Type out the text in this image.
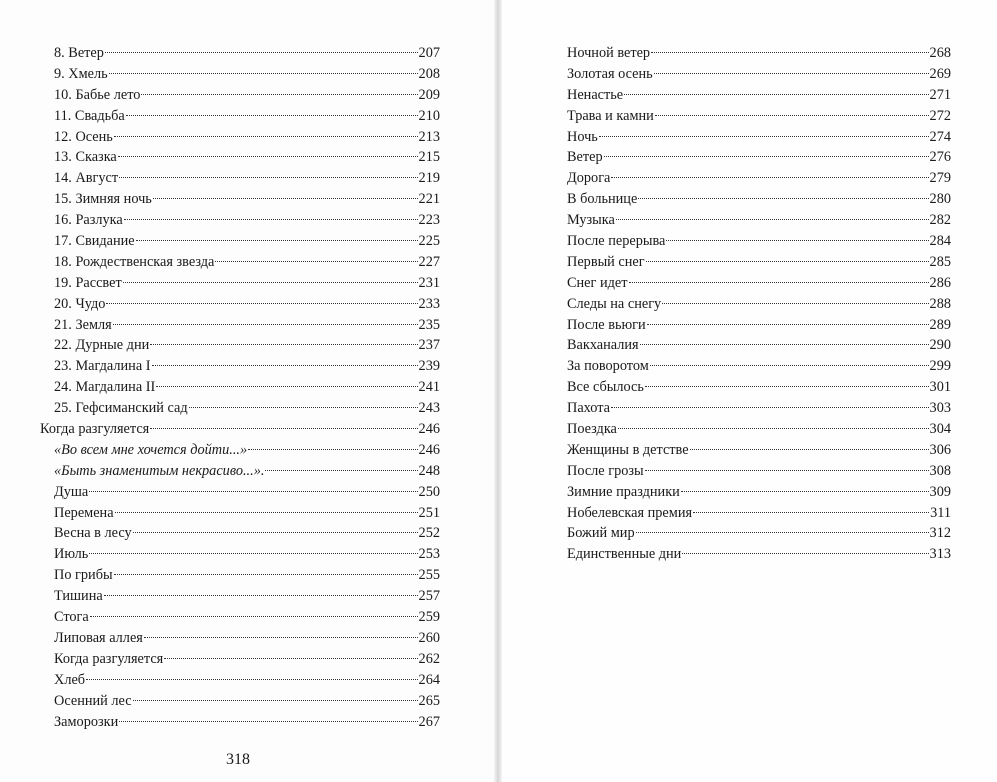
8. Ветер	207
9. Хмель	208
10. Бабье лето	209
11. Свадьба	210
12. Осень	213
13. Сказка	215
14. Август	219
15. Зимняя ночь	221
16. Разлука	223
17. Свидание	225
18. Рождественская звезда	227
19. Рассвет	231
20. Чудо	233
21. Земля	235
22. Дурные дни	237
23. Магдалина I	239
24. Магдалина II	241
25. Гефсиманский сад	243
Когда разгуляется	246
«Во всем мне хочется дойти...»	246
«Быть знаменитым некрасиво...».	248
Душа	250
Перемена	251
Весна в лесу	252
Июль	253
По грибы	255
Тишина	257
Стога	259
Липовая аллея	260
Когда разгуляется	262
Хлеб	264
Осенний лес	265
Заморозки	267
Ночной ветер	268
Золотая осень	269
Ненастье	271
Трава и камни	272
Ночь	274
Ветер	276
Дорога	279
В больнице	280
Музыка	282
После перерыва	284
Первый снег	285
Снег идет	286
Следы на снегу	288
После вьюги	289
Вакханалия	290
За поворотом	299
Все сбылось	301
Пахота	303
Поездка	304
Женщины в детстве	306
После грозы	308
Зимние праздники	309
Нобелевская премия	311
Божий мир	312
Единственные дни	313
318
